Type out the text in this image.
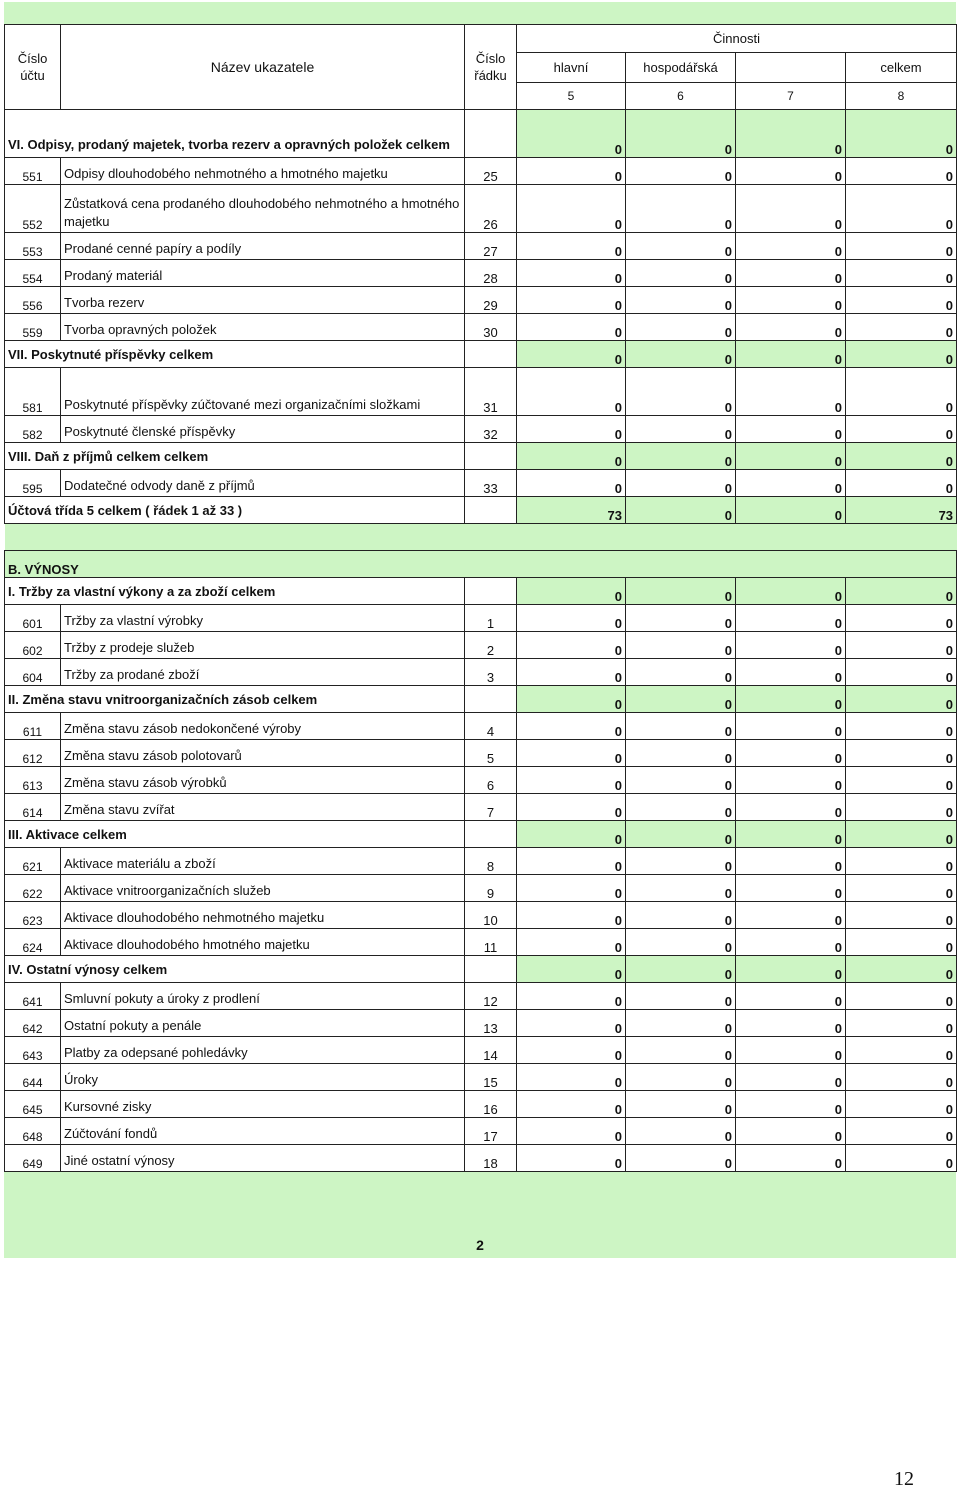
Číslo účtu	Název ukazatele	Číslo řádku	Činnosti			
			hlavní	hospodářská		celkem
			5	6	7	8
VI. Odpisy, prodaný majetek, tvorba rezerv a opravných položek celkem			0	0	0	0
551	Odpisy dlouhodobého nehmotného a hmotného majetku	25	0	0	0	0
552	Zůstatková cena prodaného dlouhodobého nehmotného a hmotného majetku	26	0	0	0	0
553	Prodané cenné papíry a podíly	27	0	0	0	0
554	Prodaný materiál	28	0	0	0	0
556	Tvorba rezerv	29	0	0	0	0
559	Tvorba opravných položek	30	0	0	0	0
VII. Poskytnuté příspěvky celkem			0	0	0	0
581	Poskytnuté příspěvky zúčtované mezi organizačními složkami	31	0	0	0	0
582	Poskytnuté členské příspěvky	32	0	0	0	0
VIII. Daň z příjmů celkem celkem			0	0	0	0
595	Dodatečné odvody daně z příjmů	33	0	0	0	0
Účtová třída 5 celkem ( řádek 1 až 33 )			73	0	0	73

B. VÝNOSY						
I. Tržby za vlastní výkony a za zboží celkem			0	0	0	0
601	Tržby za vlastní výrobky	1	0	0	0	0
602	Tržby z prodeje služeb	2	0	0	0	0
604	Tržby za prodané zboží	3	0	0	0	0
II. Změna stavu vnitroorganizačních zásob celkem			0	0	0	0
611	Změna stavu zásob nedokončené výroby	4	0	0	0	0
612	Změna stavu zásob polotovarů	5	0	0	0	0
613	Změna stavu zásob výrobků	6	0	0	0	0
614	Změna stavu zvířat	7	0	0	0	0
III. Aktivace celkem			0	0	0	0
621	Aktivace materiálu a zboží	8	0	0	0	0
622	Aktivace vnitroorganizačních služeb	9	0	0	0	0
623	Aktivace dlouhodobého nehmotného majetku	10	0	0	0	0
624	Aktivace dlouhodobého hmotného majetku	11	0	0	0	0
IV. Ostatní výnosy celkem			0	0	0	0
641	Smluvní pokuty a úroky z prodlení	12	0	0	0	0
642	Ostatní pokuty a penále	13	0	0	0	0
643	Platby za odepsané pohledávky	14	0	0	0	0
644	Úroky	15	0	0	0	0
645	Kursovné zisky	16	0	0	0	0
648	Zúčtování fondů	17	0	0	0	0
649	Jiné ostatní výnosy	18	0	0	0	0
2
12
